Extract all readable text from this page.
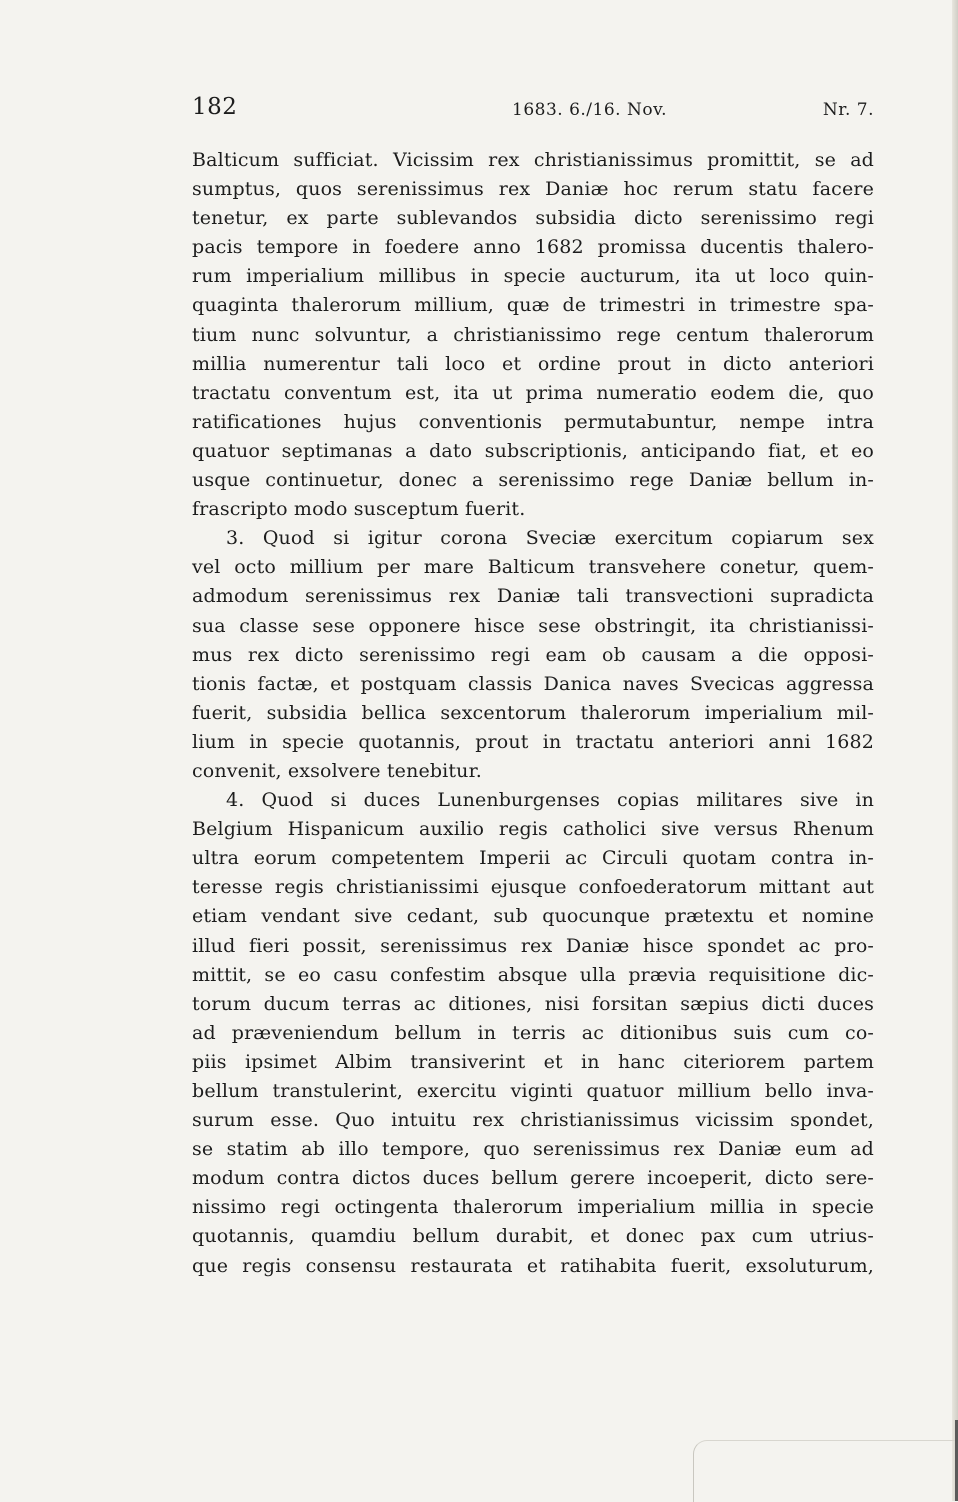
182	1683. 6./16. Nov.	Nr. 7.
Balticum sufficiat. Vicissim rex christianissimus promittit, se ad
sumptus, quos serenissimus rex Daniæ hoc rerum statu facere
tenetur, ex parte sublevandos subsidia dicto serenissimo regi
pacis tempore in foedere anno 1682 promissa ducentis thalero-
rum imperialium millibus in specie aucturum, ita ut loco quin-
quaginta thalerorum millium, quæ de trimestri in trimestre spa-
tium nunc solvuntur, a christianissimo rege centum thalerorum
millia numerentur tali loco et ordine prout in dicto anteriori
tractatu conventum est, ita ut prima numeratio eodem die, quo
ratificationes hujus conventionis permutabuntur, nempe intra
quatuor septimanas a dato subscriptionis, anticipando fiat, et eo
usque continuetur, donec a serenissimo rege Daniæ bellum in-
frascripto modo susceptum fuerit.
3. Quod si igitur corona Sveciæ exercitum copiarum sex
vel octo millium per mare Balticum transvehere conetur, quem-
admodum serenissimus rex Daniæ tali transvectioni supradicta
sua classe sese opponere hisce sese obstringit, ita christianissi-
mus rex dicto serenissimo regi eam ob causam a die opposi-
tionis factæ, et postquam classis Danica naves Svecicas aggressa
fuerit, subsidia bellica sexcentorum thalerorum imperialium mil-
lium in specie quotannis, prout in tractatu anteriori anni 1682
convenit, exsolvere tenebitur.
4. Quod si duces Lunenburgenses copias militares sive in
Belgium Hispanicum auxilio regis catholici sive versus Rhenum
ultra eorum competentem Imperii ac Circuli quotam contra in-
teresse regis christianissimi ejusque confoederatorum mittant aut
etiam vendant sive cedant, sub quocunque prætextu et nomine
illud fieri possit, serenissimus rex Daniæ hisce spondet ac pro-
mittit, se eo casu confestim absque ulla prævia requisitione dic-
torum ducum terras ac ditiones, nisi forsitan sæpius dicti duces
ad præveniendum bellum in terris ac ditionibus suis cum co-
piis ipsimet Albim transiverint et in hanc citeriorem partem
bellum transtulerint, exercitu viginti quatuor millium bello inva-
surum esse. Quo intuitu rex christianissimus vicissim spondet,
se statim ab illo tempore, quo serenissimus rex Daniæ eum ad
modum contra dictos duces bellum gerere incoeperit, dicto sere-
nissimo regi octingenta thalerorum imperialium millia in specie
quotannis, quamdiu bellum durabit, et donec pax cum utrius-
que regis consensu restaurata et ratihabita fuerit, exsoluturum,
